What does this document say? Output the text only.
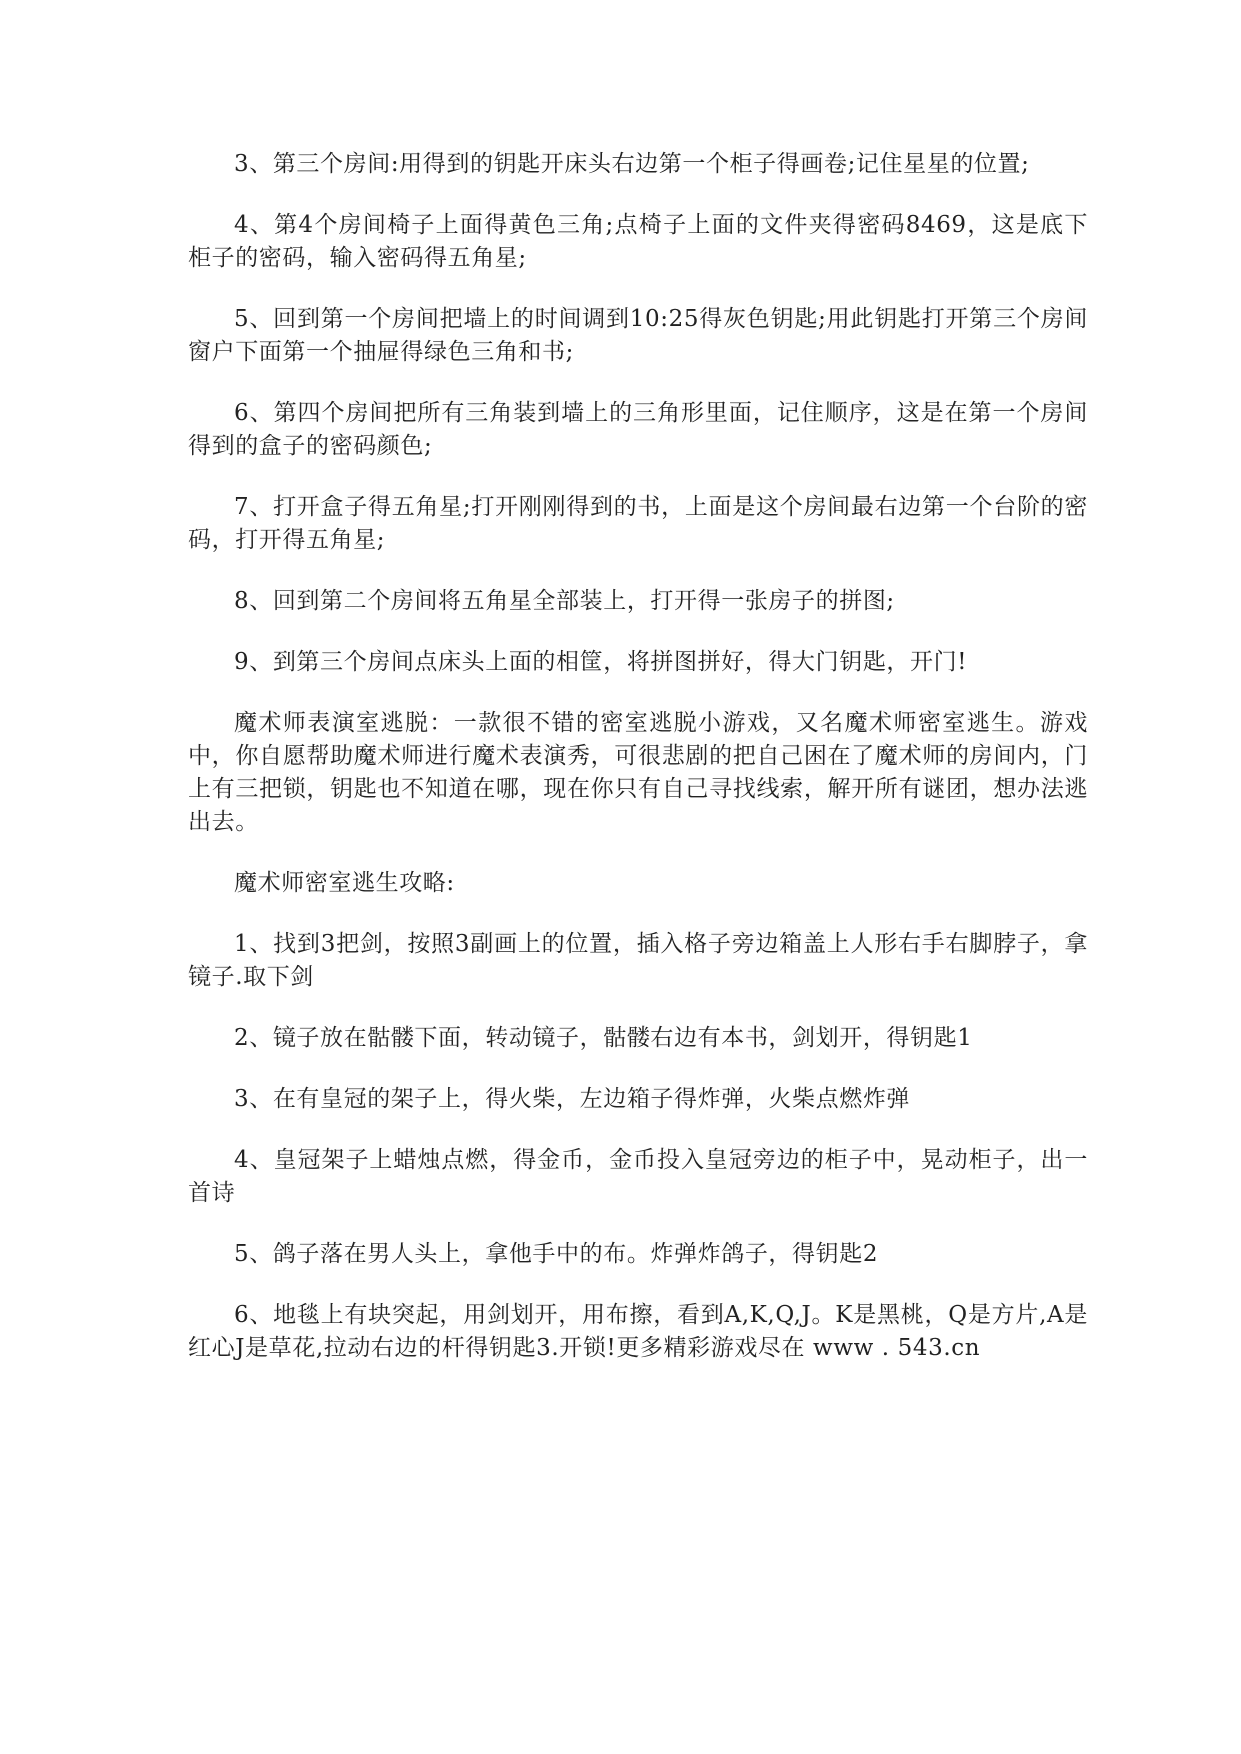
3、第三个房间:用得到的钥匙开床头右边第一个柜子得画卷;记住星星的位置;

4、第4个房间椅子上面得黄色三角;点椅子上面的文件夹得密码8469，这是底下柜子的密码，输入密码得五角星;

5、回到第一个房间把墙上的时间调到10:25得灰色钥匙;用此钥匙打开第三个房间窗户下面第一个抽屉得绿色三角和书;

6、第四个房间把所有三角装到墙上的三角形里面，记住顺序，这是在第一个房间得到的盒子的密码颜色;

7、打开盒子得五角星;打开刚刚得到的书，上面是这个房间最右边第一个台阶的密码，打开得五角星;

8、回到第二个房间将五角星全部装上，打开得一张房子的拼图;

9、到第三个房间点床头上面的相筐，将拼图拼好，得大门钥匙，开门!

魔术师表演室逃脱：一款很不错的密室逃脱小游戏，又名魔术师密室逃生。游戏中，你自愿帮助魔术师进行魔术表演秀，可很悲剧的把自己困在了魔术师的房间内，门上有三把锁，钥匙也不知道在哪，现在你只有自己寻找线索，解开所有谜团，想办法逃出去。

魔术师密室逃生攻略:

1、找到3把剑，按照3副画上的位置，插入格子旁边箱盖上人形右手右脚脖子，拿镜子.取下剑

2、镜子放在骷髅下面，转动镜子，骷髅右边有本书，剑划开，得钥匙1

3、在有皇冠的架子上，得火柴，左边箱子得炸弹，火柴点燃炸弹

4、皇冠架子上蜡烛点燃，得金币，金币投入皇冠旁边的柜子中，晃动柜子，出一首诗

5、鸽子落在男人头上，拿他手中的布。炸弹炸鸽子，得钥匙2

6、地毯上有块突起，用剑划开，用布擦，看到A,K,Q,J。K是黑桃，Q是方片,A是红心J是草花,拉动右边的杆得钥匙3.开锁!更多精彩游戏尽在 www . 543.cn
